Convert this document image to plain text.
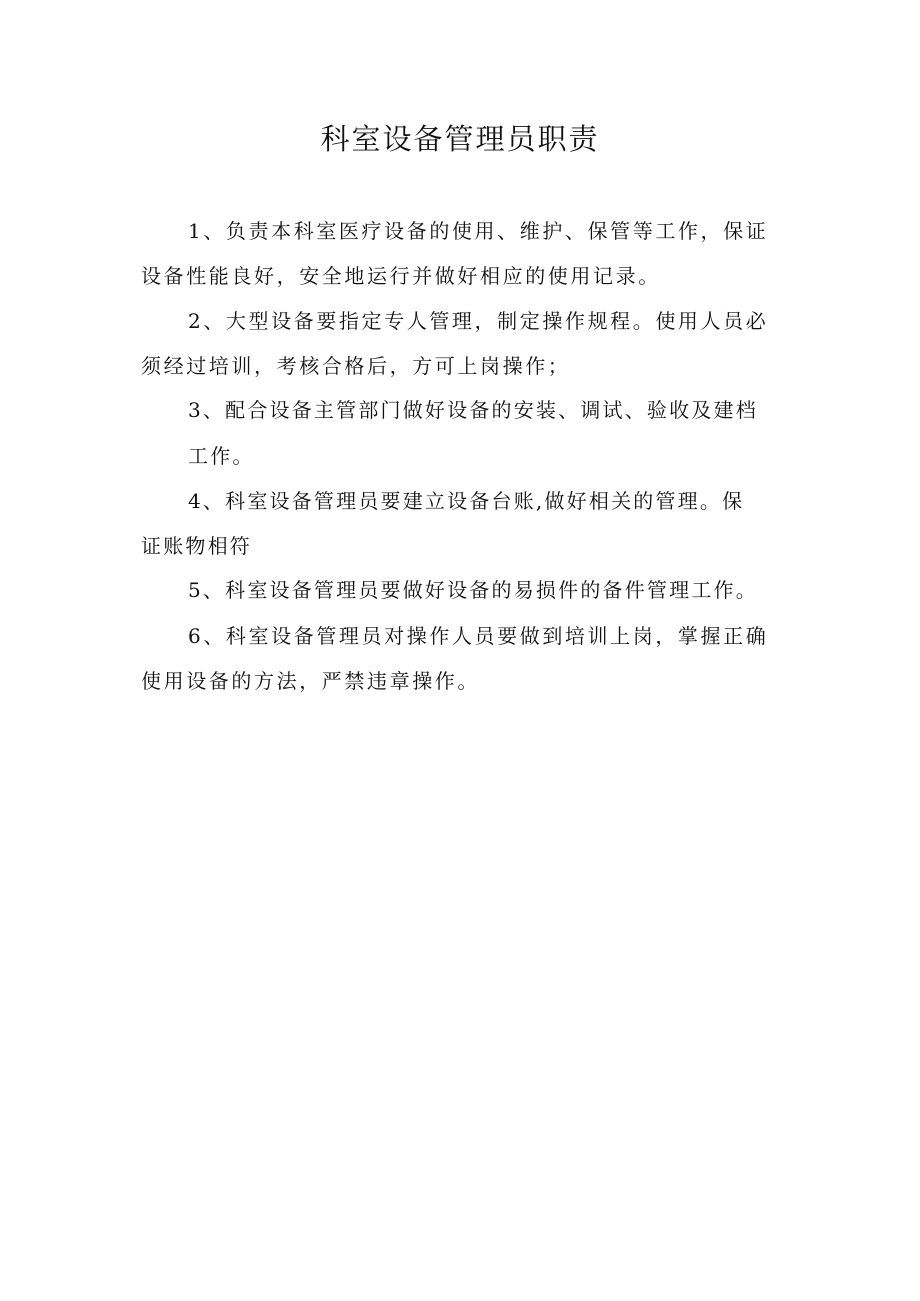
科室设备管理员职责

1、负责本科室医疗设备的使用、维护、保管等工作，保证

设备性能良好，安全地运行并做好相应的使用记录。

2、大型设备要指定专人管理，制定操作规程。使用人员必

须经过培训，考核合格后，方可上岗操作；

3、配合设备主管部门做好设备的安装、调试、验收及建档

工作。

4、科室设备管理员要建立设备台账,做好相关的管理。保

证账物相符

5、科室设备管理员要做好设备的易损件的备件管理工作。

6、科室设备管理员对操作人员要做到培训上岗，掌握正确

使用设备的方法，严禁违章操作。
